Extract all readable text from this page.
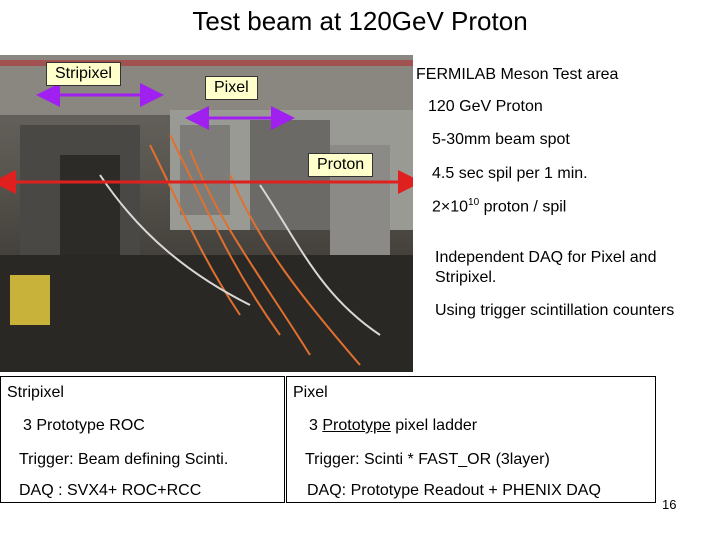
Test beam at 120GeV Proton
Stripixel
Pixel
Proton
FERMILAB Meson Test area
120 GeV Proton
5-30mm beam spot
4.5 sec spil per 1 min.
$2\times 10^{10}$ proton / spil
Independent DAQ for Pixel and Stripixel.
Using trigger scintillation counters
Stripixel
3 Prototype ROC
Trigger: Beam defining Scinti.
DAQ : SVX4+ ROC+RCC
Pixel
3 Prototype pixel ladder
Trigger: Scinti * FAST_OR (3layer)
DAQ: Prototype Readout + PHENIX DAQ
16
